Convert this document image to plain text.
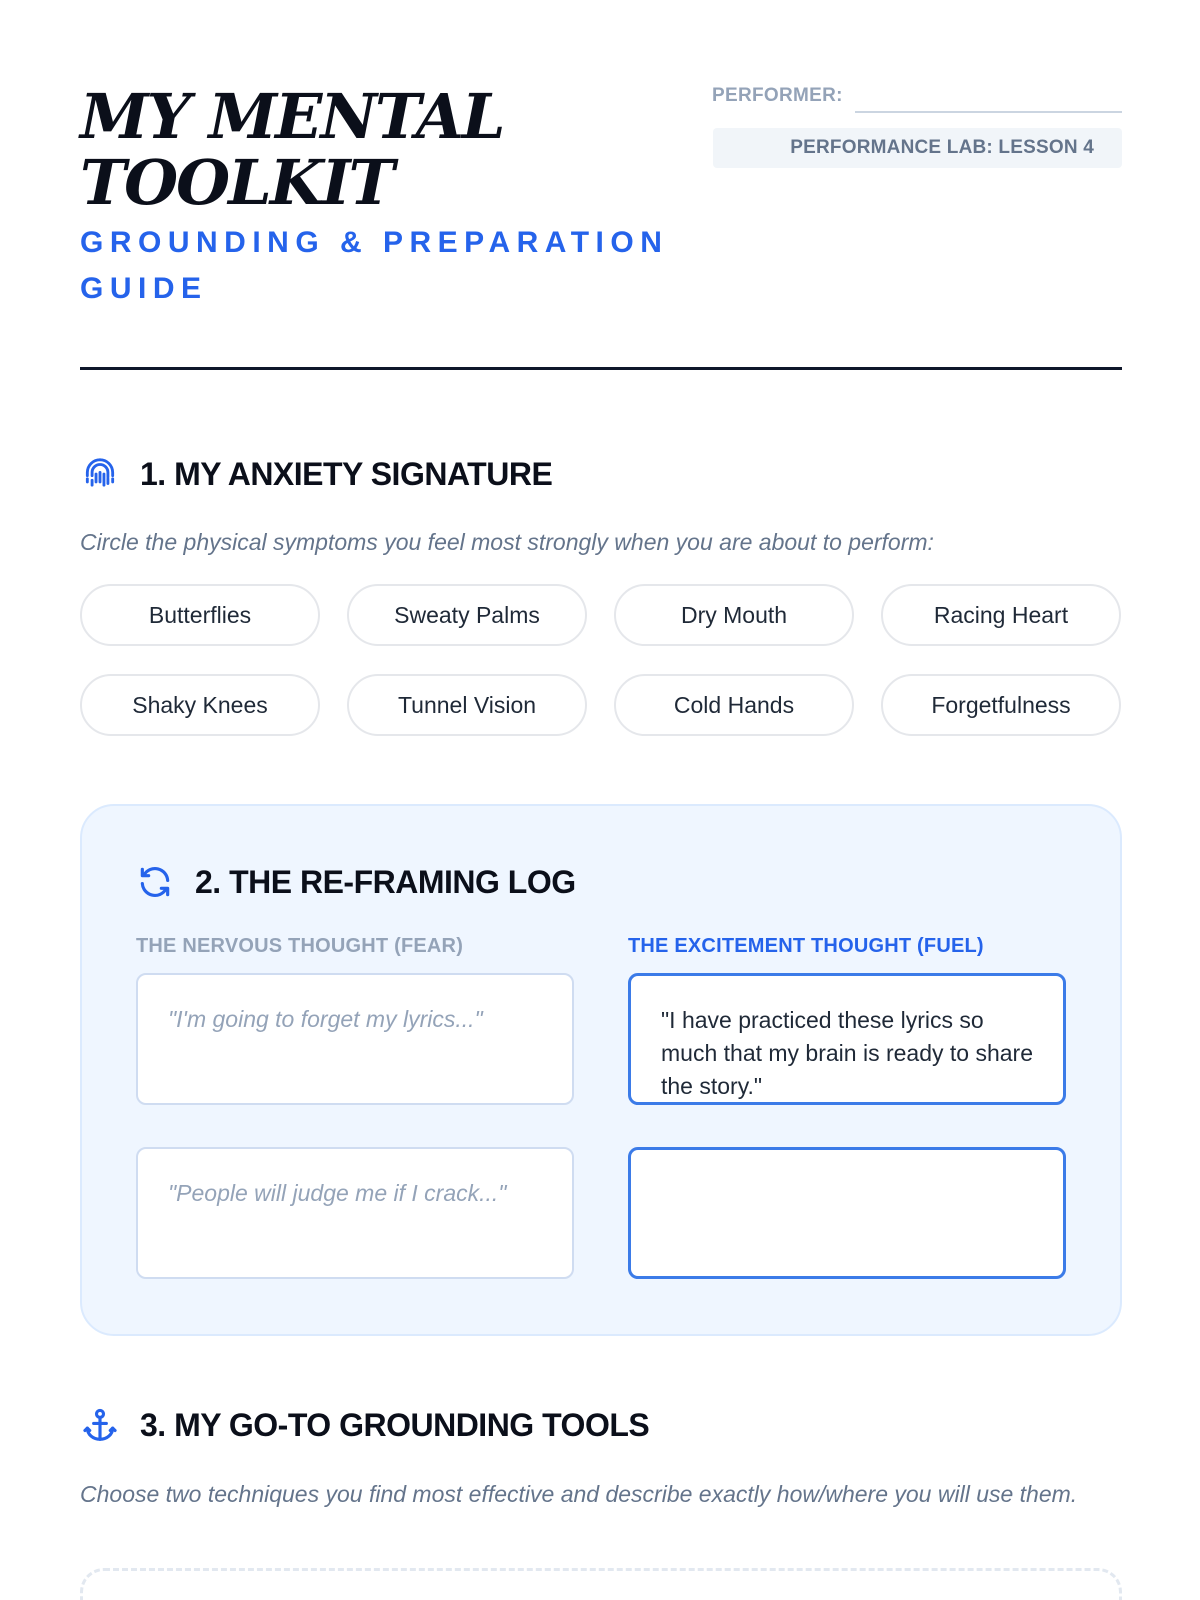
MY MENTAL TOOLKIT
GROUNDING & PREPARATION GUIDE
PERFORMER:
PERFORMANCE LAB: LESSON 4
1. MY ANXIETY SIGNATURE
Circle the physical symptoms you feel most strongly when you are about to perform:
Butterflies	Sweaty Palms	Dry Mouth	Racing Heart
Shaky Knees	Tunnel Vision	Cold Hands	Forgetfulness
2. THE RE-FRAMING LOG
THE NERVOUS THOUGHT (FEAR)	THE EXCITEMENT THOUGHT (FUEL)
"I'm going to forget my lyrics..."	"I have practiced these lyrics so much that my brain is ready to share the story."
"People will judge me if I crack..."
3. MY GO-TO GROUNDING TOOLS
Choose two techniques you find most effective and describe exactly how/where you will use them.
